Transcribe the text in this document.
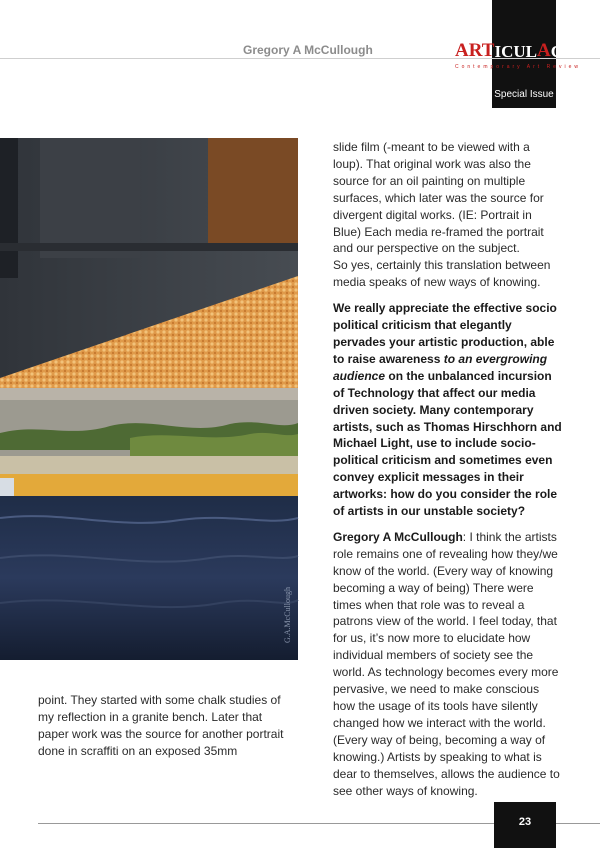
Gregory A McCullough	ART ICUL A CTION
Contemporary Art Review
Special Issue
G.A.McCullough

point. They started with some chalk studies of my reflection in a granite bench. Later that paper work was the source for another portrait done in scraffiti on an exposed 35mm

slide film (-meant to be viewed with a loup). That original work was also the source for an oil painting on multiple surfaces, which later was the source for divergent digital works. (IE: Portrait in Blue) Each media re-framed the portrait and our perspective on the subject.

So yes, certainly this translation between media speaks of new ways of knowing.

We really appreciate the effective socio political criticism that elegantly pervades your artistic production, able to raise awareness to an evergrowing audience on the unbalanced incursion of Technology that affect our media driven society. Many contemporary artists, such as Thomas Hirschhorn and Michael Light, use to include socio-political criticism and sometimes even convey explicit messages in their artworks: how do you consider the role of artists in our unstable society?

Gregory A McCullough: I think the artists role remains one of revealing how they/we know of the world. (Every way of knowing becoming a way of being) There were times when that role was to reveal a patrons view of the world. I feel today, that for us, it’s now more to elucidate how individual members of society see the world. As technology becomes every more pervasive, we need to make conscious how the usage of its tools have silently changed how we interact with the world. (Every way of being, becoming a way of knowing.) Artists by speaking to what is dear to themselves, allows the audience to see other ways of knowing.

23
